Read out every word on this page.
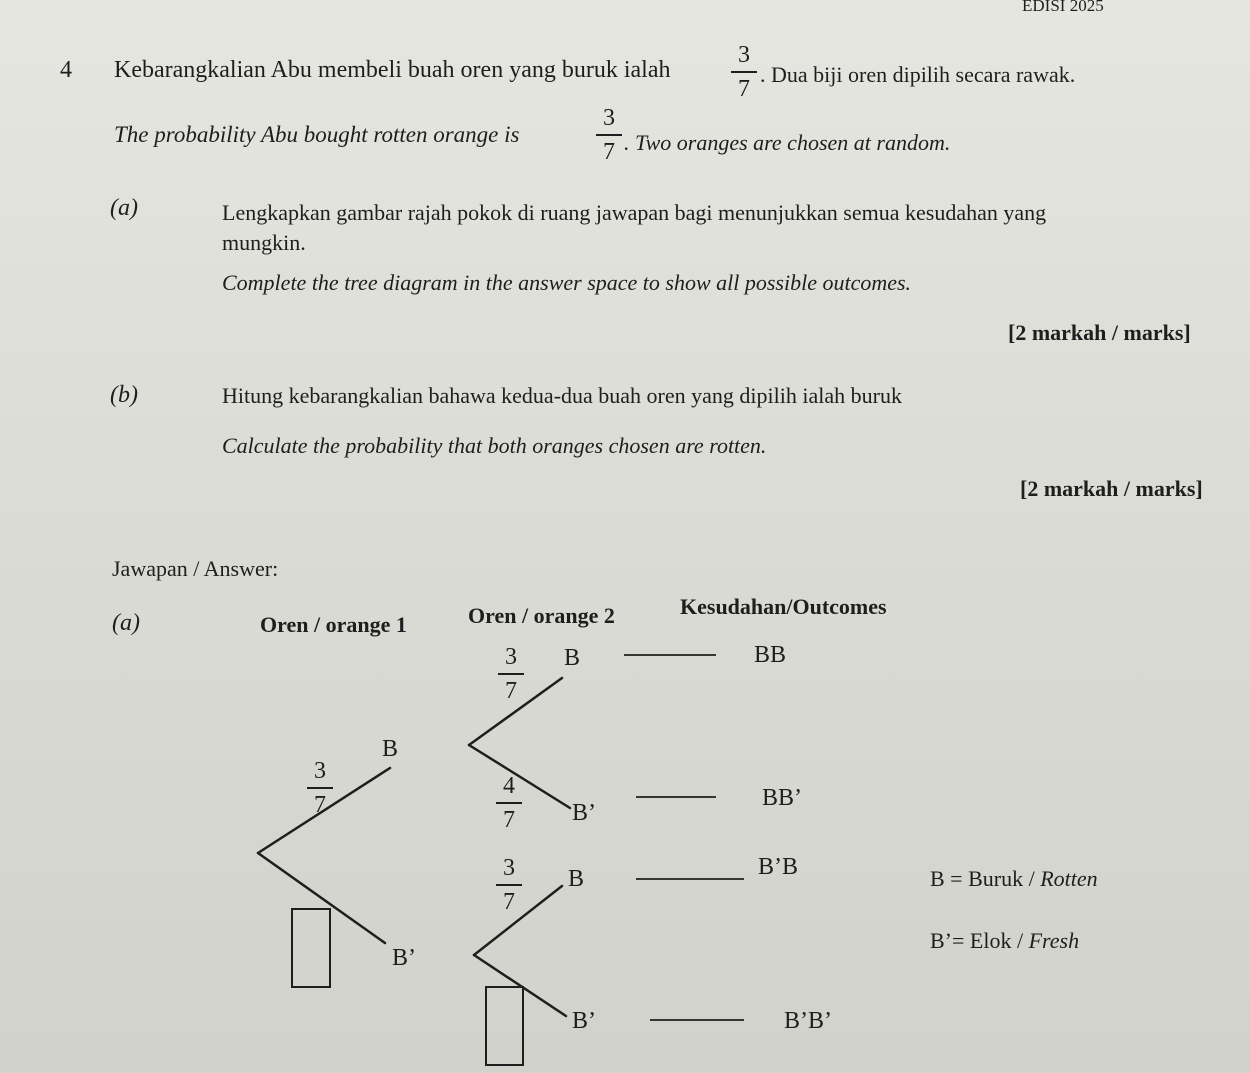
EDISI 2025
4 Kebarangkalian Abu membeli buah oren yang buruk ialah
3
7
. Dua biji oren dipilih secara rawak.
The probability Abu bought rotten orange is
3
7 . Two oranges are chosen at random.
(a)	Lengkapkan gambar rajah pokok di ruang jawapan bagi menunjukkan semua kesudahan yang
mungkin.
Complete the tree diagram in the answer space to show all possible outcomes.
[2 markah / marks]
(b)	Hitung kebarangkalian bahawa kedua-dua buah oren yang dipilih ialah buruk
Calculate the probability that both oranges chosen are rotten.
[2 markah / marks]
Jawapan / Answer:
(a)	Oren / orange 1	Oren / orange 2	Kesudahan/Outcomes
3
7
B
B’
3
7
B
4
7	B’
3
7
B
B’
BB
BB’
B’B
B’B’
B = Buruk / Rotten
B’= Elok / Fresh
